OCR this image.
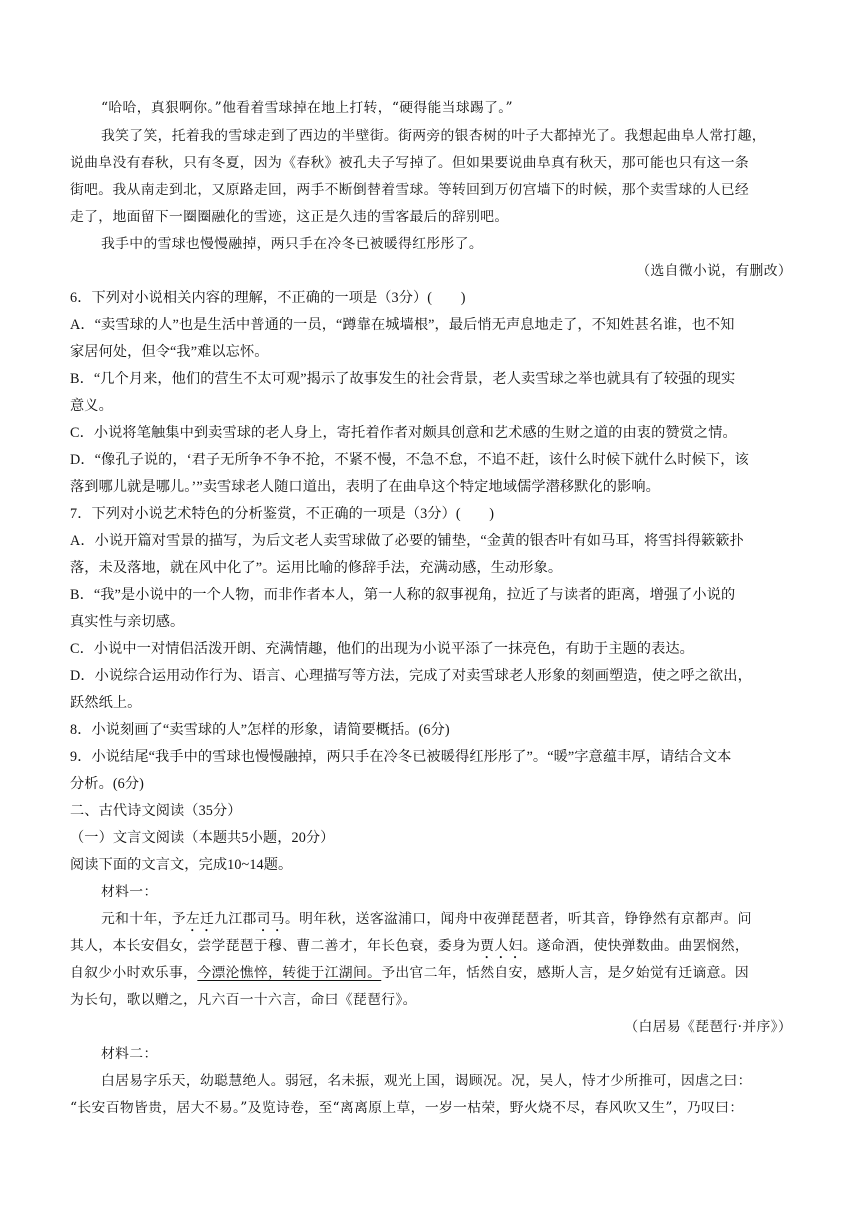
“哈哈，真狠啊你。”他看着雪球掉在地上打转，“硬得能当球踢了。”
我笑了笑，托着我的雪球走到了西边的半壁街。街两旁的银杏树的叶子大都掉光了。我想起曲阜人常打趣，
说曲阜没有春秋，只有冬夏，因为《春秋》被孔夫子写掉了。但如果要说曲阜真有秋天，那可能也只有这一条
街吧。我从南走到北，又原路走回，两手不断倒替着雪球。等转回到万仞宫墙下的时候，那个卖雪球的人已经
走了，地面留下一圈圈融化的雪迹，这正是久违的雪客最后的辞别吧。
我手中的雪球也慢慢融掉，两只手在冷冬已被暖得红彤彤了。
（选自微小说，有删改）
6．下列对小说相关内容的理解，不正确的一项是（3分）(　　)
A．“卖雪球的人”也是生活中普通的一员，“蹲靠在城墙根”，最后悄无声息地走了，不知姓甚名谁，也不知
家居何处，但令“我”难以忘怀。
B．“几个月来，他们的营生不太可观”揭示了故事发生的社会背景，老人卖雪球之举也就具有了较强的现实
意义。
C．小说将笔触集中到卖雪球的老人身上，寄托着作者对颇具创意和艺术感的生财之道的由衷的赞赏之情。
D．“像孔子说的，‘君子无所争不争不抢，不紧不慢，不急不怠，不追不赶，该什么时候下就什么时候下，该
落到哪儿就是哪儿。’”卖雪球老人随口道出，表明了在曲阜这个特定地域儒学潜移默化的影响。
7．下列对小说艺术特色的分析鉴赏，不正确的一项是（3分）(　　)
A．小说开篇对雪景的描写，为后文老人卖雪球做了必要的铺垫，“金黄的银杏叶有如马耳，将雪抖得簌簌扑
落，未及落地，就在风中化了”。运用比喻的修辞手法，充满动感，生动形象。
B．“我”是小说中的一个人物，而非作者本人，第一人称的叙事视角，拉近了与读者的距离，增强了小说的
真实性与亲切感。
C．小说中一对情侣活泼开朗、充满情趣，他们的出现为小说平添了一抹亮色，有助于主题的表达。
D．小说综合运用动作行为、语言、心理描写等方法，完成了对卖雪球老人形象的刻画塑造，使之呼之欲出，
跃然纸上。
8．小说刻画了“卖雪球的人”怎样的形象，请简要概括。(6分)
9．小说结尾“我手中的雪球也慢慢融掉，两只手在冷冬已被暖得红彤彤了”。“暖”字意蕴丰厚，请结合文本
分析。(6分)
二、古代诗文阅读（35分）
（一）文言文阅读（本题共5小题，20分）
阅读下面的文言文，完成10~14题。
材料一：
元和十年，予左迁九江郡司马。明年秋，送客湓浦口，闻舟中夜弹琵琶者，听其音，铮铮然有京都声。问
其人，本长安倡女，尝学琵琶于穆、曹二善才，年长色衰，委身为贾人妇。遂命酒，使快弹数曲。曲罢悯然，
自叙少小时欢乐事，今漂沦憔悴，转徙于江湖间。予出官二年，恬然自安，感斯人言，是夕始觉有迁谪意。因
为长句，歌以赠之，凡六百一十六言，命曰《琵琶行》。
（白居易《琵琶行·并序》）
材料二：
白居易字乐天，幼聪慧绝人。弱冠，名未振，观光上国，谒顾况。况，吴人，恃才少所推可，因虐之曰：
“长安百物皆贵，居大不易。”及览诗卷，至“离离原上草，一岁一枯荣，野火烧不尽，春风吹又生”，乃叹曰：
